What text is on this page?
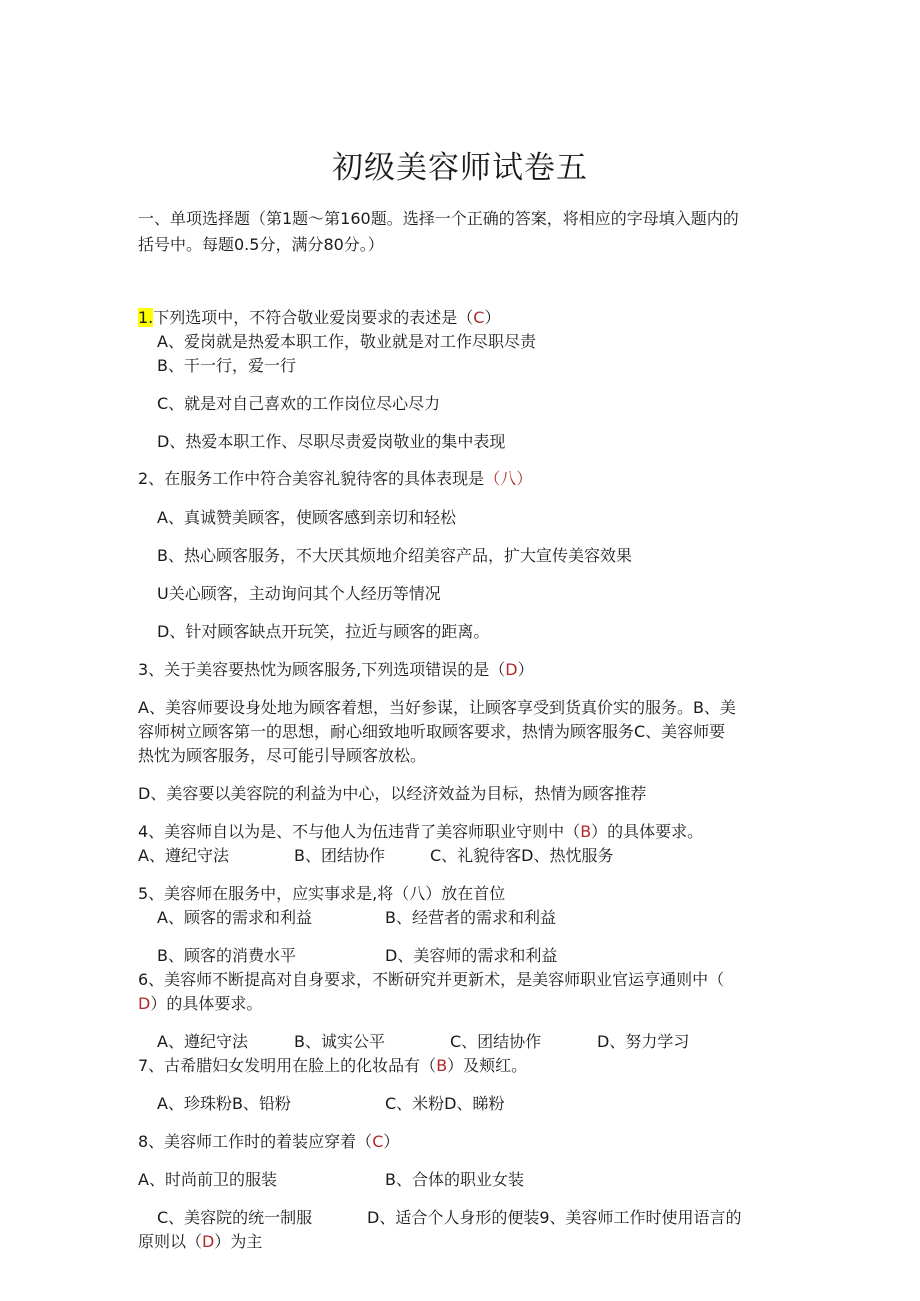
初级美容师试卷五
一、单项选择题（第1题〜第160题。选择一个正确的答案，将相应的字母填入题内的
括号中。每题0.5分，满分80分。）
1.下列选项中，不符合敬业爱岗要求的表述是（C）
A、爱岗就是热爱本职工作，敬业就是对工作尽职尽责
B、干一行，爱一行
C、就是对自己喜欢的工作岗位尽心尽力
D、热爱本职工作、尽职尽责爱岗敬业的集中表现
2、在服务工作中符合美容礼貌待客的具体表现是（八）
A、真诚赞美顾客，使顾客感到亲切和轻松
B、热心顾客服务，不大厌其烦地介绍美容产品，扩大宣传美容效果
U关心顾客，主动询问其个人经历等情况
D、针对顾客缺点开玩笑，拉近与顾客的距离。
3、关于美容要热忱为顾客服务,下列选项错误的是（D）
A、美容师要设身处地为顾客着想，当好参谋，让顾客享受到货真价实的服务。B、美
容师树立顾客第一的思想，耐心细致地听取顾客要求，热情为顾客服务C、美容师要
热忱为顾客服务，尽可能引导顾客放松。
D、美容要以美容院的利益为中心，以经济效益为目标，热情为顾客推荐
4、美容师自以为是、不与他人为伍违背了美容师职业守则中（B）的具体要求。
A、遵纪守法	B、团结协作	C、礼貌待客D、热忱服务
5、美容师在服务中，应实事求是,将（八）放在首位
A、顾客的需求和利益	B、经营者的需求和利益
B、顾客的消费水平	D、美容师的需求和利益
6、美容师不断提高对自身要求，不断研究并更新术，是美容师职业官运亨通则中（
D）的具体要求。
A、遵纪守法	B、诚实公平	C、团结协作	D、努力学习
7、古希腊妇女发明用在脸上的化妆品有（B）及颊红。
A、珍珠粉B、铅粉	C、米粉D、睇粉
8、美容师工作时的着装应穿着（C）
A、时尚前卫的服装	B、合体的职业女装
C、美容院的统一制服	D、适合个人身形的便装9、美容师工作时使用语言的
原则以（D）为主
